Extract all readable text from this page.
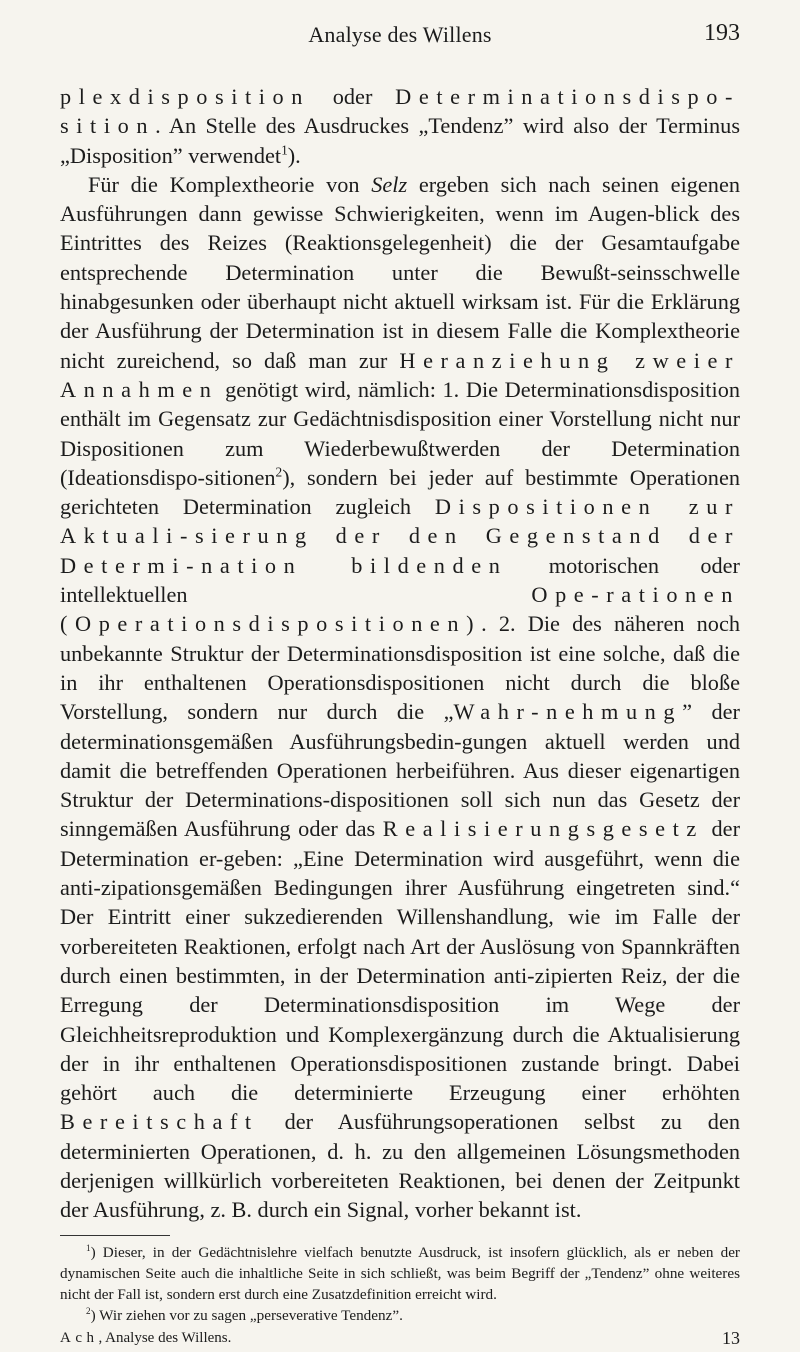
Analyse des Willens	193

plexdisposition oder Determinationsdispo-sition. An Stelle des Ausdruckes „Tendenz” wird also der Terminus „Disposition” verwendet$^1$).

Für die Komplextheorie von Selz ergeben sich nach seinen eigenen Ausführungen dann gewisse Schwierigkeiten, wenn im Augen-blick des Eintrittes des Reizes (Reaktionsgelegenheit) die der Gesamtaufgabe entsprechende Determination unter die Bewußt-seinsschwelle hinabgesunken oder überhaupt nicht aktuell wirksam ist. Für die Erklärung der Ausführung der Determination ist in diesem Falle die Komplextheorie nicht zureichend, so daß man zur Heranziehung zweier Annahmen genötigt wird, nämlich: 1. Die Determinationsdisposition enthält im Gegensatz zur Gedächtnisdisposition einer Vorstellung nicht nur Dispositionen zum Wiederbewußtwerden der Determination (Ideationsdispo-sitionen$^2$), sondern bei jeder auf bestimmte Operationen gerichteten Determination zugleich Dispositionen zur Aktuali-sierung der den Gegenstand der Determi-nation bildenden motorischen oder intellektuellen Ope-rationen (Operationsdispositionen). 2. Die des näheren noch unbekannte Struktur der Determinationsdisposition ist eine solche, daß die in ihr enthaltenen Operationsdispositionen nicht durch die bloße Vorstellung, sondern nur durch die „Wahr-nehmung” der determinationsgemäßen Ausführungsbedin-gungen aktuell werden und damit die betreffenden Operationen herbeiführen. Aus dieser eigenartigen Struktur der Determinations-dispositionen soll sich nun das Gesetz der sinngemäßen Ausführung oder das Realisierungsgesetz der Determination er-geben: „Eine Determination wird ausgeführt, wenn die anti-zipationsgemäßen Bedingungen ihrer Ausführung eingetreten sind.“ Der Eintritt einer sukzedierenden Willenshandlung, wie im Falle der vorbereiteten Reaktionen, erfolgt nach Art der Auslösung von Spannkräften durch einen bestimmten, in der Determination anti-zipierten Reiz, der die Erregung der Determinationsdisposition im Wege der Gleichheitsreproduktion und Komplexergänzung durch die Aktualisierung der in ihr enthaltenen Operationsdispositionen zustande bringt. Dabei gehört auch die determinierte Erzeugung einer erhöhten Bereitschaft der Ausführungsoperationen selbst zu den determinierten Operationen, d. h. zu den allgemeinen Lösungsmethoden derjenigen willkürlich vorbereiteten Reaktionen, bei denen der Zeitpunkt der Ausführung, z. B. durch ein Signal, vorher bekannt ist.

$^1$) Dieser, in der Gedächtnislehre vielfach benutzte Ausdruck, ist insofern glücklich, als er neben der dynamischen Seite auch die inhaltliche Seite in sich schließt, was beim Begriff der „Tendenz” ohne weiteres nicht der Fall ist, sondern erst durch eine Zusatzdefinition erreicht wird.

$^2$) Wir ziehen vor zu sagen „perseverative Tendenz”.

Ach, Analyse des Willens.	13
